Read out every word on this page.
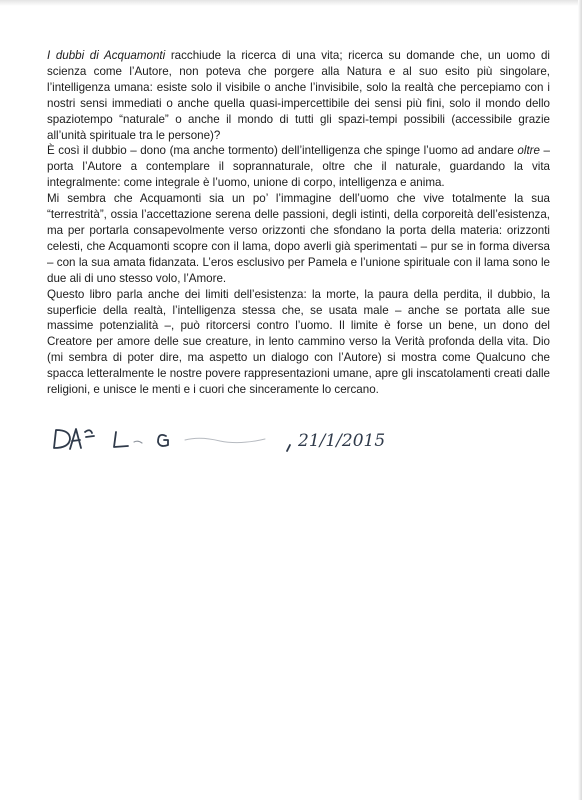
I dubbi di Acquamonti racchiude la ricerca di una vita; ricerca su domande che, un uomo di scienza come l’Autore, non poteva che porgere alla Natura e al suo esito più singolare, l’intelligenza umana: esiste solo il visibile o anche l’invisibile, solo la realtà che percepiamo con i nostri sensi immediati o anche quella quasi-impercettibile dei sensi più fini, solo il mondo dello spaziotempo “naturale” o anche il mondo di tutti gli spazi-tempi possibili (accessibile grazie all’unità spirituale tra le persone)?

È così il dubbio – dono (ma anche tormento) dell’intelligenza che spinge l’uomo ad andare oltre – porta l’Autore a contemplare il soprannaturale, oltre che il naturale, guardando la vita integralmente: come integrale è l’uomo, unione di corpo, intelligenza e anima.

Mi sembra che Acquamonti sia un po’ l’immagine dell’uomo che vive totalmente la sua “terrestrità”, ossia l’accettazione serena delle passioni, degli istinti, della corporeità dell’esistenza, ma per portarla consapevolmente verso orizzonti che sfondano la porta della materia: orizzonti celesti, che Acquamonti scopre con il lama, dopo averli già sperimentati – pur se in forma diversa – con la sua amata fidanzata. L’eros esclusivo per Pamela e l’unione spirituale con il lama sono le due ali di uno stesso volo, l’Amore.

Questo libro parla anche dei limiti dell’esistenza: la morte, la paura della perdita, il dubbio, la superficie della realtà, l’intelligenza stessa che, se usata male – anche se portata alle sue massime potenzialità –, può ritorcersi contro l’uomo. Il limite è forse un bene, un dono del Creatore per amore delle sue creature, in lento cammino verso la Verità profonda della vita. Dio (mi sembra di poter dire, ma aspetto un dialogo con l’Autore) si mostra come Qualcuno che spacca letteralmente le nostre povere rappresentazioni umane, apre gli inscatolamenti creati dalle religioni, e unisce le menti e i cuori che sinceramente lo cercano.

21/1/2015
